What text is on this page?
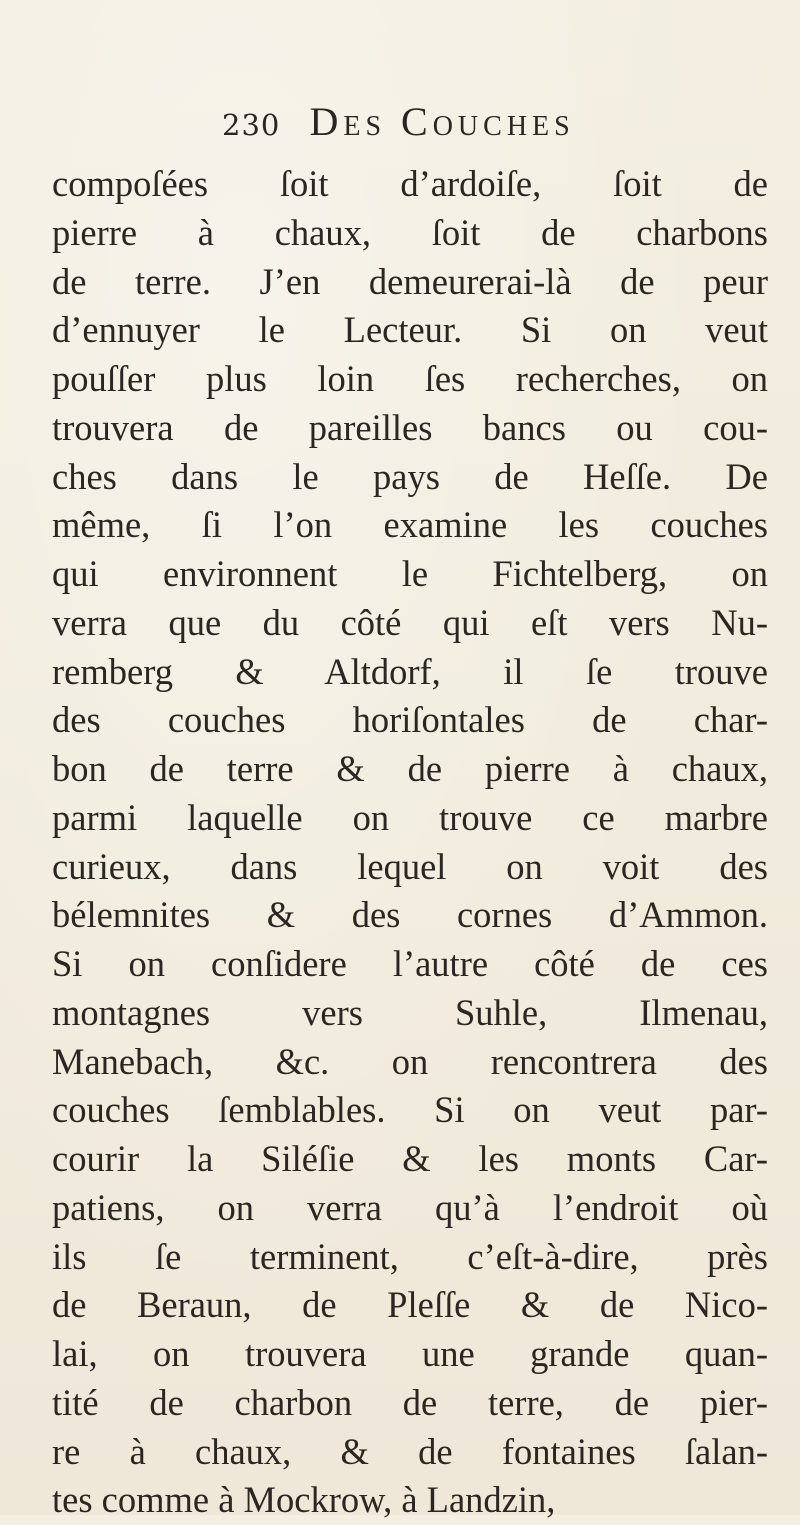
230 Des Couches
compoſées ſoit d’ardoiſe, ſoit de
pierre à chaux, ſoit de charbons
de terre. J’en demeurerai-là de peur
d’ennuyer le Lecteur. Si on veut
pouſſer plus loin ſes recherches, on
trouvera de pareilles bancs ou cou-
ches dans le pays de Heſſe. De
même, ſi l’on examine les couches
qui environnent le Fichtelberg, on
verra que du côté qui eſt vers Nu-
remberg & Altdorf, il ſe trouve
des couches horiſontales de char-
bon de terre & de pierre à chaux,
parmi laquelle on trouve ce marbre
curieux, dans lequel on voit des
bélemnites & des cornes d’Ammon.
Si on conſidere l’autre côté de ces
montagnes vers Suhle, Ilmenau,
Manebach, &c. on rencontrera des
couches ſemblables. Si on veut par-
courir la Siléſie & les monts Car-
patiens, on verra qu’à l’endroit où
ils ſe terminent, c’eſt-à-dire, près
de Beraun, de Pleſſe & de Nico-
lai, on trouvera une grande quan-
tité de charbon de terre, de pier-
re à chaux, & de fontaines ſalan-
tes comme à Mockrow, à Landzin,
